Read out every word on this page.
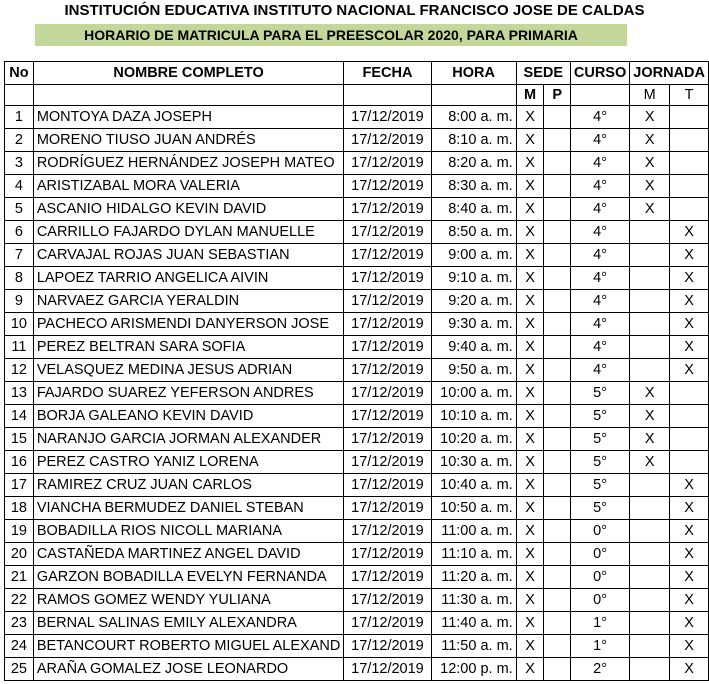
INSTITUCIÓN EDUCATIVA INSTITUTO NACIONAL FRANCISCO JOSE DE CALDAS
HORARIO DE MATRICULA PARA EL PREESCOLAR 2020, PARA PRIMARIA
No	NOMBRE COMPLETO	FECHA	HORA	SEDE		CURSO	JORNADA	
				M	P		M	T
1	MONTOYA DAZA JOSEPH	17/12/2019	8:00 a. m.	X		4°	X	
2	MORENO TIUSO JUAN ANDRÉS	17/12/2019	8:10 a. m.	X		4°	X	
3	RODRÍGUEZ HERNÁNDEZ JOSEPH MATEO	17/12/2019	8:20 a. m.	X		4°	X	
4	ARISTIZABAL MORA VALERIA	17/12/2019	8:30 a. m.	X		4°	X	
5	ASCANIO HIDALGO KEVIN DAVID	17/12/2019	8:40 a. m.	X		4°	X	
6	CARRILLO FAJARDO DYLAN MANUELLE	17/12/2019	8:50 a. m.	X		4°		X
7	CARVAJAL ROJAS JUAN SEBASTIAN	17/12/2019	9:00 a. m.	X		4°		X
8	LAPOEZ TARRIO ANGELICA AIVIN	17/12/2019	9:10 a. m.	X		4°		X
9	NARVAEZ GARCIA YERALDIN	17/12/2019	9:20 a. m.	X		4°		X
10	PACHECO ARISMENDI DANYERSON JOSE	17/12/2019	9:30 a. m.	X		4°		X
11	PEREZ BELTRAN SARA SOFIA	17/12/2019	9:40 a. m.	X		4°		X
12	VELASQUEZ MEDINA JESUS ADRIAN	17/12/2019	9:50 a. m.	X		4°		X
13	FAJARDO SUAREZ YEFERSON ANDRES	17/12/2019	10:00 a. m.	X		5°	X	
14	BORJA GALEANO KEVIN DAVID	17/12/2019	10:10 a. m.	X		5°	X	
15	NARANJO GARCIA JORMAN ALEXANDER	17/12/2019	10:20 a. m.	X		5°	X	
16	PEREZ CASTRO YANIZ LORENA	17/12/2019	10:30 a. m.	X		5°	X	
17	RAMIREZ CRUZ JUAN CARLOS	17/12/2019	10:40 a. m.	X		5°		X
18	VIANCHA BERMUDEZ DANIEL STEBAN	17/12/2019	10:50 a. m.	X		5°		X
19	BOBADILLA RIOS NICOLL MARIANA	17/12/2019	11:00 a. m.	X		0°		X
20	CASTAÑEDA MARTINEZ ANGEL DAVID	17/12/2019	11:10 a. m.	X		0°		X
21	GARZON BOBADILLA EVELYN FERNANDA	17/12/2019	11:20 a. m.	X		0°		X
22	RAMOS GOMEZ WENDY YULIANA	17/12/2019	11:30 a. m.	X		0°		X
23	BERNAL SALINAS EMILY ALEXANDRA	17/12/2019	11:40 a. m.	X		1°		X
24	BETANCOURT ROBERTO MIGUEL ALEXAND	17/12/2019	11:50 a. m.	X		1°		X
25	ARAÑA GOMALEZ JOSE LEONARDO	17/12/2019	12:00 p. m.	X		2°		X
